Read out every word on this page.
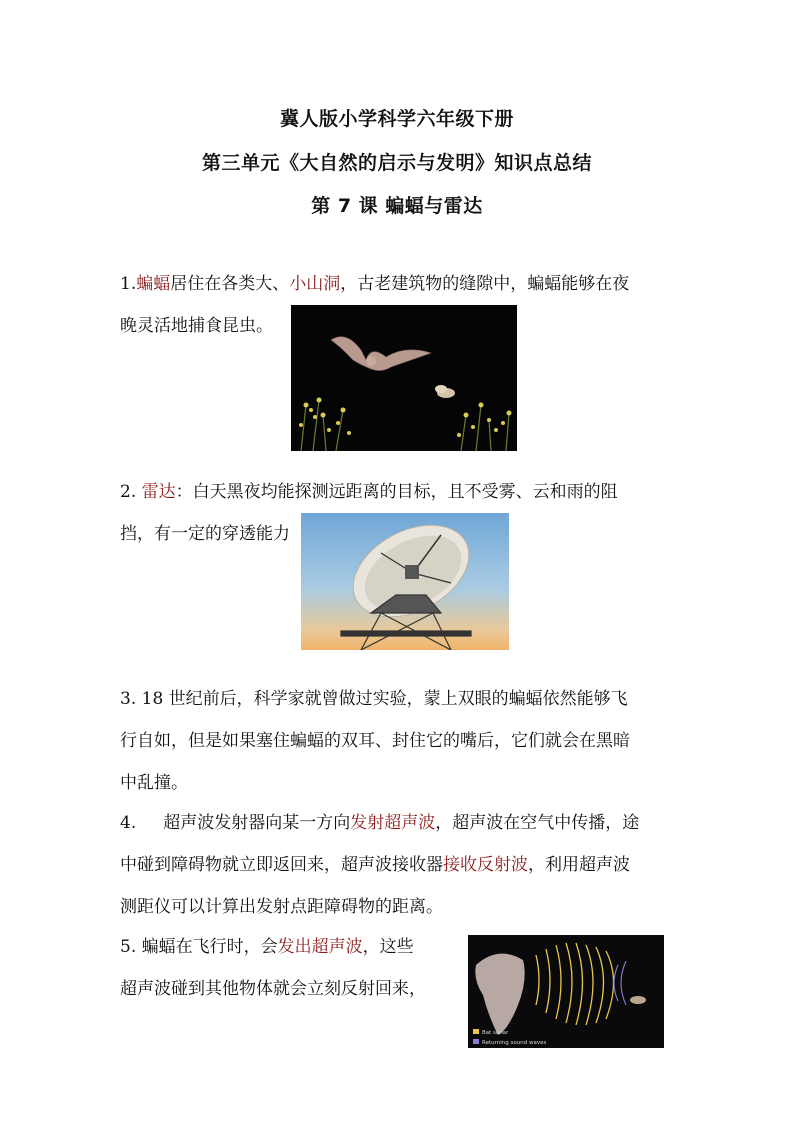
冀人版小学科学六年级下册
第三单元《大自然的启示与发明》知识点总结
第 7 课 蝙蝠与雷达
1.蝙蝠居住在各类大、小山洞，古老建筑物的缝隙中，蝙蝠能够在夜
晚灵活地捕食昆虫。
2. 雷达：白天黑夜均能探测远距离的目标，且不受雾、云和雨的阻
挡，有一定的穿透能力
3. 18 世纪前后，科学家就曾做过实验，蒙上双眼的蝙蝠依然能够飞
行自如，但是如果塞住蝙蝠的双耳、封住它的嘴后，它们就会在黑暗
中乱撞。
4.     超声波发射器向某一方向发射超声波，超声波在空气中传播，途
中碰到障碍物就立即返回来，超声波接收器接收反射波，利用超声波
测距仪可以计算出发射点距障碍物的距离。
5. 蝙蝠在飞行时，会发出超声波，这些
超声波碰到其他物体就会立刻反射回来，
Bat sonar
Returning sound waves
